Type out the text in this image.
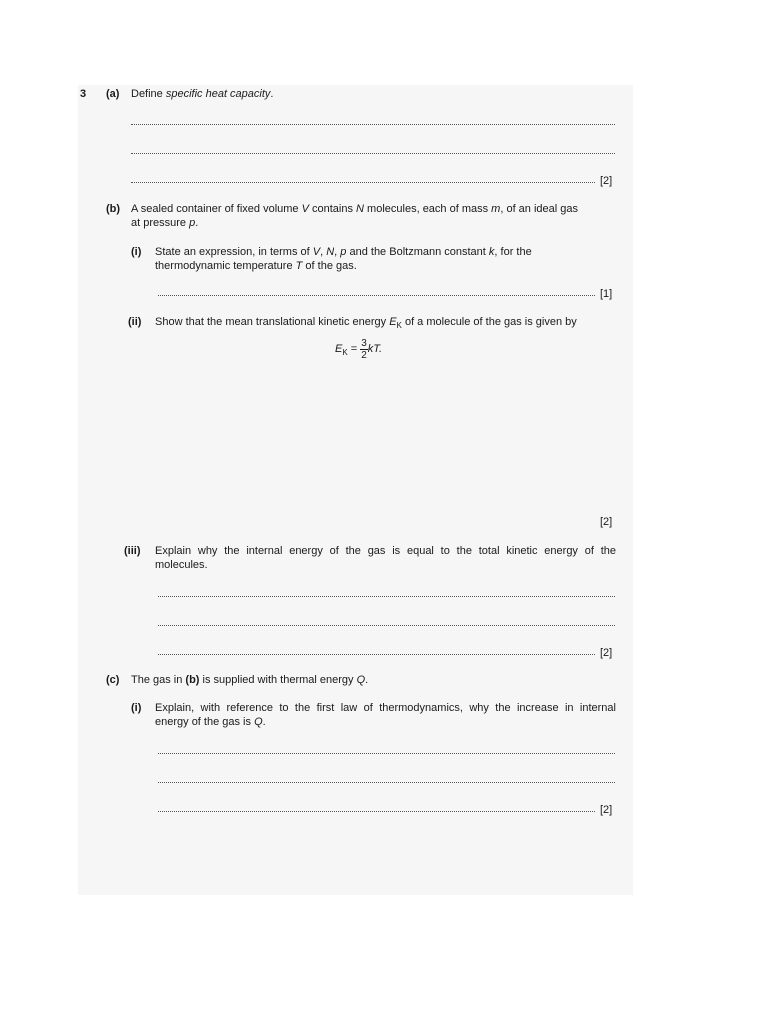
3 (a) Define specific heat capacity.
[2]
(b) A sealed container of fixed volume V contains N molecules, each of mass m, of an ideal gas
at pressure p.
(i) State an expression, in terms of V, N, p and the Boltzmann constant k, for the
thermodynamic temperature T of the gas.
[1]
(ii) Show that the mean translational kinetic energy $E_K$ of a molecule of the gas is given by
$E_K = \frac{3}{2}$ kT.
[2]
(iii) Explain why the internal energy of the gas is equal to the total kinetic energy of the
molecules.
[2]
(c) The gas in (b) is supplied with thermal energy Q.
(i) Explain, with reference to the first law of thermodynamics, why the increase in internal
energy of the gas is Q.
[2]
